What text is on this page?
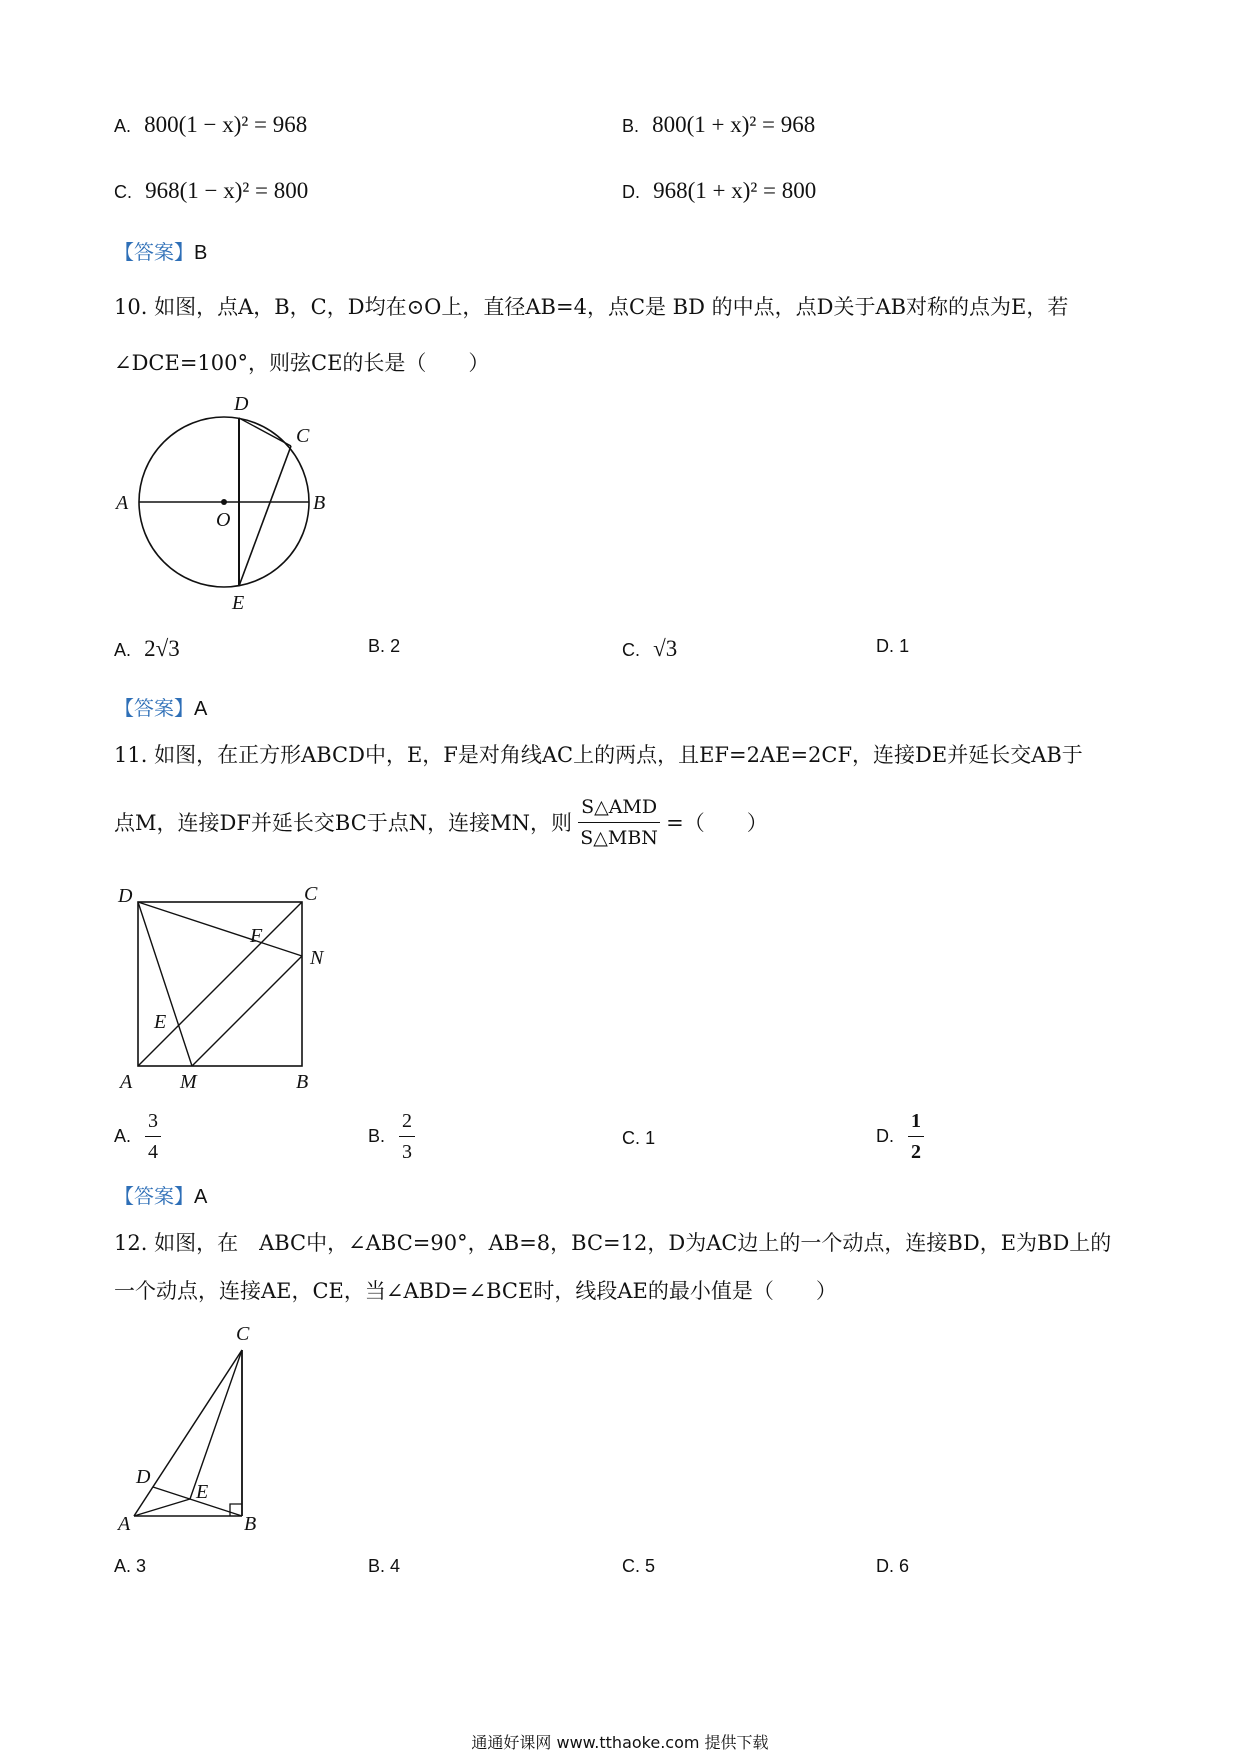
A. 800(1 − x)² = 968	B. 800(1 + x)² = 968
C. 968(1 − x)² = 800	D. 968(1 + x)² = 800
【答案】B
10. 如图，点A，B，C，D均在⊙O上，直径AB=4，点C是 BD 的中点，点D关于AB对称的点为E，若
∠DCE=100°，则弦CE的长是（　　）
D
C
A
O
B
E
A. 2√3	B. 2	C. √3	D. 1
【答案】A
11. 如图，在正方形ABCD中，E，F是对角线AC上的两点，且EF=2AE=2CF，连接DE并延长交AB于
点M，连接DF并延长交BC于点N，连接MN，则 $\frac{\text{S△AMD}}{\text{S△MBN}}$ =（　　）
D	C
F
N
E
A M	B
A. $\frac{3}{4}$	B. $\frac{2}{3}$	C. 1	D. $\frac{1}{2}$
【答案】A
12. 如图，在　ABC中，∠ABC=90°，AB=8，BC=12，D为AC边上的一个动点，连接BD，E为BD上的
一个动点，连接AE，CE，当∠ABD=∠BCE时，线段AE的最小值是（　　）
C
D
E
A	B
A. 3	B. 4	C. 5	D. 6
通通好课网 www.tthaoke.com 提供下载
